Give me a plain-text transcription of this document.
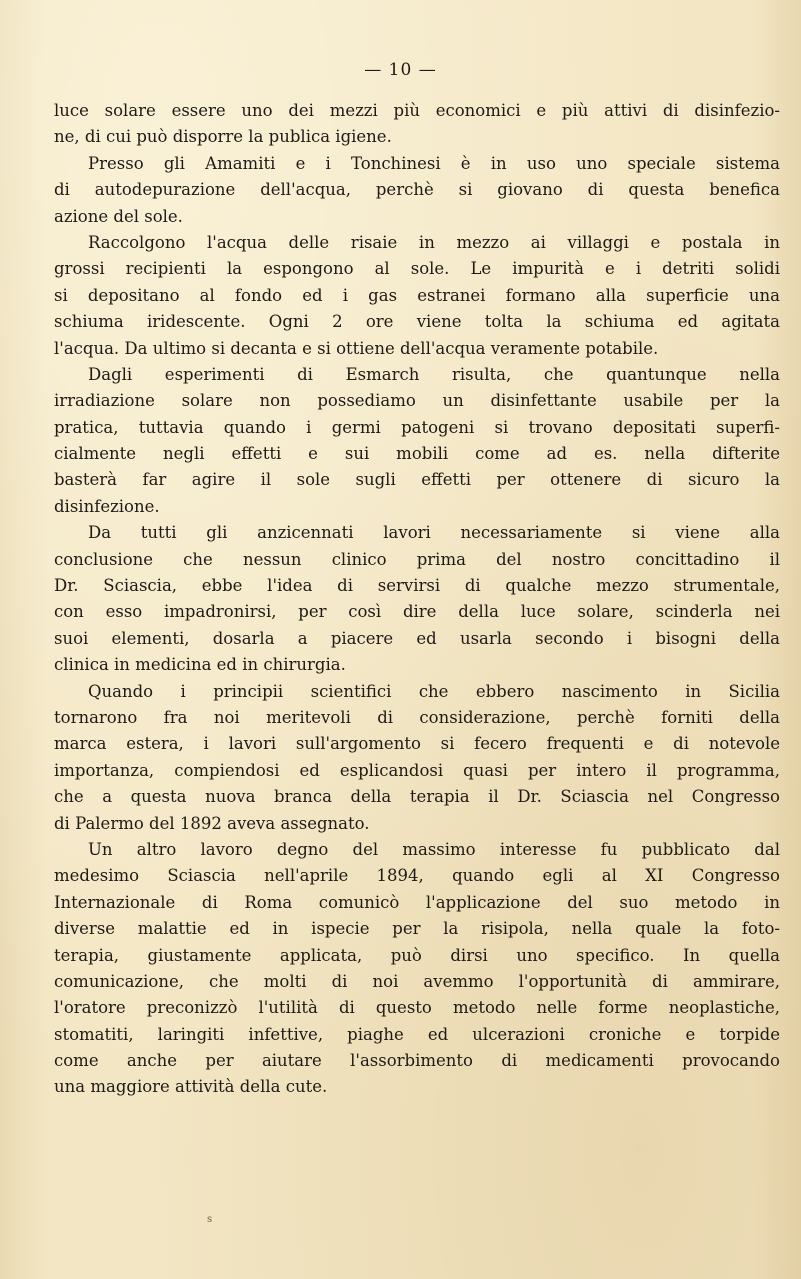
— 10 —
luce solare essere uno dei mezzi più economici e più attivi di disinfezio-
ne, di cui può disporre la publica igiene.
Presso gli Amamiti e i Tonchinesi è in uso uno speciale sistema
di autodepurazione dell'acqua, perchè si giovano di questa benefica
azione del sole.
Raccolgono l'acqua delle risaie in mezzo ai villaggi e postala in
grossi recipienti la espongono al sole. Le impurità e i detriti solidi
si depositano al fondo ed i gas estranei formano alla superficie una
schiuma iridescente. Ogni 2 ore viene tolta la schiuma ed agitata
l'acqua. Da ultimo si decanta e si ottiene dell'acqua veramente potabile.
Dagli esperimenti di Esmarch risulta, che quantunque nella
irradiazione solare non possediamo un disinfettante usabile per la
pratica, tuttavia quando i germi patogeni si trovano depositati superfi-
cialmente negli effetti e sui mobili come ad es. nella difterite
basterà far agire il sole sugli effetti per ottenere di sicuro la
disinfezione.
Da tutti gli anzicennati lavori necessariamente si viene alla
conclusione che nessun clinico prima del nostro concittadino il
Dr. Sciascia, ebbe l'idea di servirsi di qualche mezzo strumentale,
con esso impadronirsi, per così dire della luce solare, scinderla nei
suoi elementi, dosarla a piacere ed usarla secondo i bisogni della
clinica in medicina ed in chirurgia.
Quando i principii scientifici che ebbero nascimento in Sicilia
tornarono fra noi meritevoli di considerazione, perchè forniti della
marca estera, i lavori sull'argomento si fecero frequenti e di notevole
importanza, compiendosi ed esplicandosi quasi per intero il programma,
che a questa nuova branca della terapia il Dr. Sciascia nel Congresso
di Palermo del 1892 aveva assegnato.
Un altro lavoro degno del massimo interesse fu pubblicato dal
medesimo Sciascia nell'aprile 1894, quando egli al XI Congresso
Internazionale di Roma comunicò l'applicazione del suo metodo in
diverse malattie ed in ispecie per la risipola, nella quale la foto-
terapia, giustamente applicata, può dirsi uno specifico. In quella
comunicazione, che molti di noi avemmo l'opportunità di ammirare,
l'oratore preconizzò l'utilità di questo metodo nelle forme neoplastiche,
stomatiti, laringiti infettive, piaghe ed ulcerazioni croniche e torpide
come anche per aiutare l'assorbimento di medicamenti provocando
una maggiore attività della cute.
s
